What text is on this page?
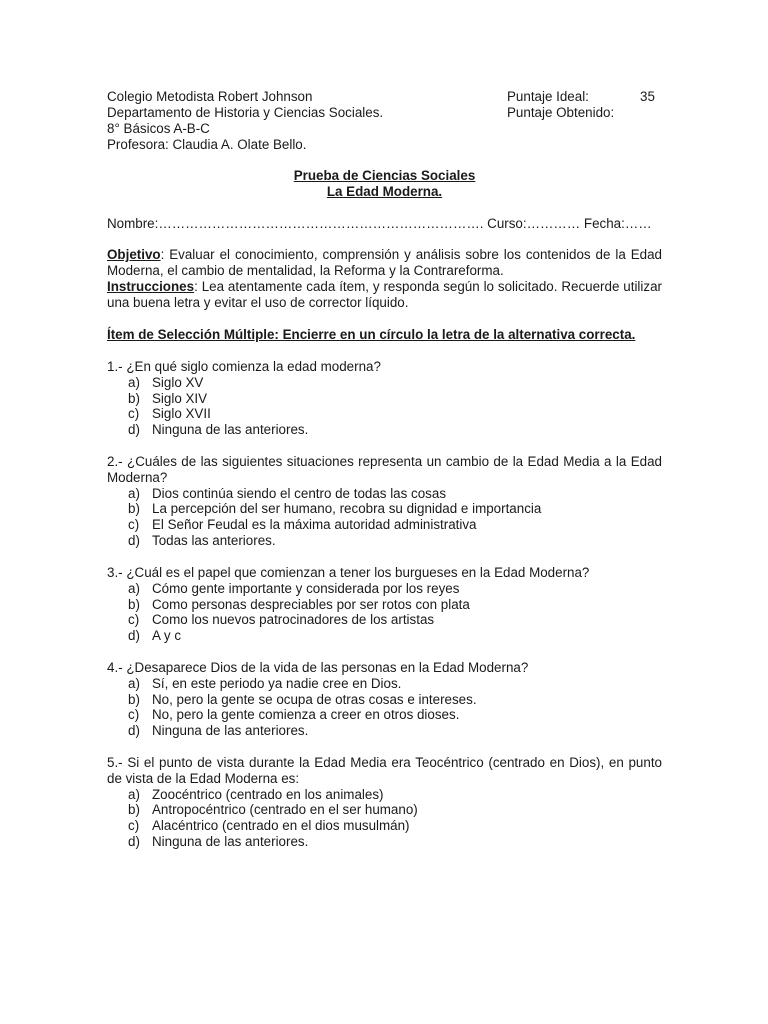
Colegio Metodista Robert Johnson
Departamento de Historia y Ciencias Sociales.
8° Básicos A-B-C
Profesora: Claudia A. Olate Bello.
Puntaje Ideal:	35
Puntaje Obtenido:
Prueba de Ciencias Sociales
La Edad Moderna.
Nombre:………………………………………………………………. Curso:………… Fecha:……
Objetivo: Evaluar el conocimiento, comprensión y análisis sobre los contenidos de la Edad Moderna, el cambio de mentalidad, la Reforma y la Contrareforma.
Instrucciones: Lea atentamente cada ítem, y responda según lo solicitado. Recuerde utilizar una buena letra y evitar el uso de corrector líquido.
Ítem de Selección Múltiple: Encierre en un círculo la letra de la alternativa correcta.
1.- ¿En qué siglo comienza la edad moderna?
a) Siglo XV
b) Siglo XIV
c) Siglo XVII
d) Ninguna de las anteriores.
2.- ¿Cuáles de las siguientes situaciones representa un cambio de la Edad Media a la Edad Moderna?
a) Dios continúa siendo el centro de todas las cosas
b) La percepción del ser humano, recobra su dignidad e importancia
c) El Señor Feudal es la máxima autoridad administrativa
d) Todas las anteriores.
3.- ¿Cuál es el papel que comienzan a tener los burgueses en la Edad Moderna?
a) Cómo gente importante y considerada por los reyes
b) Como personas despreciables por ser rotos con plata
c) Como los nuevos patrocinadores de los artistas
d) A y c
4.- ¿Desaparece Dios de la vida de las personas en la Edad Moderna?
a) Sí, en este periodo ya nadie cree en Dios.
b) No, pero la gente se ocupa de otras cosas e intereses.
c) No, pero la gente comienza a creer en otros dioses.
d) Ninguna de las anteriores.
5.- Si el punto de vista durante la Edad Media era Teocéntrico (centrado en Dios), en punto de vista de la Edad Moderna es:
a) Zoocéntrico (centrado en los animales)
b) Antropocéntrico (centrado en el ser humano)
c) Alacéntrico (centrado en el dios musulmán)
d) Ninguna de las anteriores.
